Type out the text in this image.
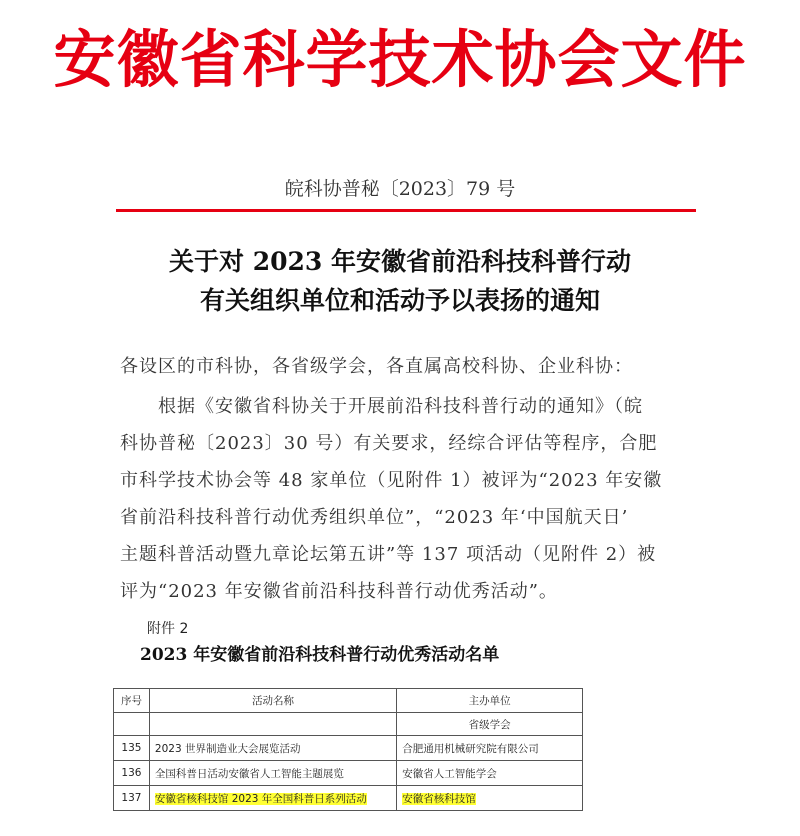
安徽省科学技术协会文件
皖科协普秘〔2023〕79 号
关于对 2023 年安徽省前沿科技科普行动
有关组织单位和活动予以表扬的通知
各设区的市科协，各省级学会，各直属高校科协、企业科协：
根据《安徽省科协关于开展前沿科技科普行动的通知》（皖
科协普秘〔2023〕30 号）有关要求，经综合评估等程序，合肥
市科学技术协会等 48 家单位（见附件 1）被评为“2023 年安徽
省前沿科技科普行动优秀组织单位”，“2023 年‘中国航天日’
主题科普活动暨九章论坛第五讲”等 137 项活动（见附件 2）被
评为“2023 年安徽省前沿科技科普行动优秀活动”。
附件 2
2023 年安徽省前沿科技科普行动优秀活动名单
序号	活动名称	主办单位
		省级学会
135	2023 世界制造业大会展览活动	合肥通用机械研究院有限公司
136	全国科普日活动安徽省人工智能主题展览	安徽省人工智能学会
137	安徽省核科技馆 2023 年全国科普日系列活动	安徽省核科技馆
